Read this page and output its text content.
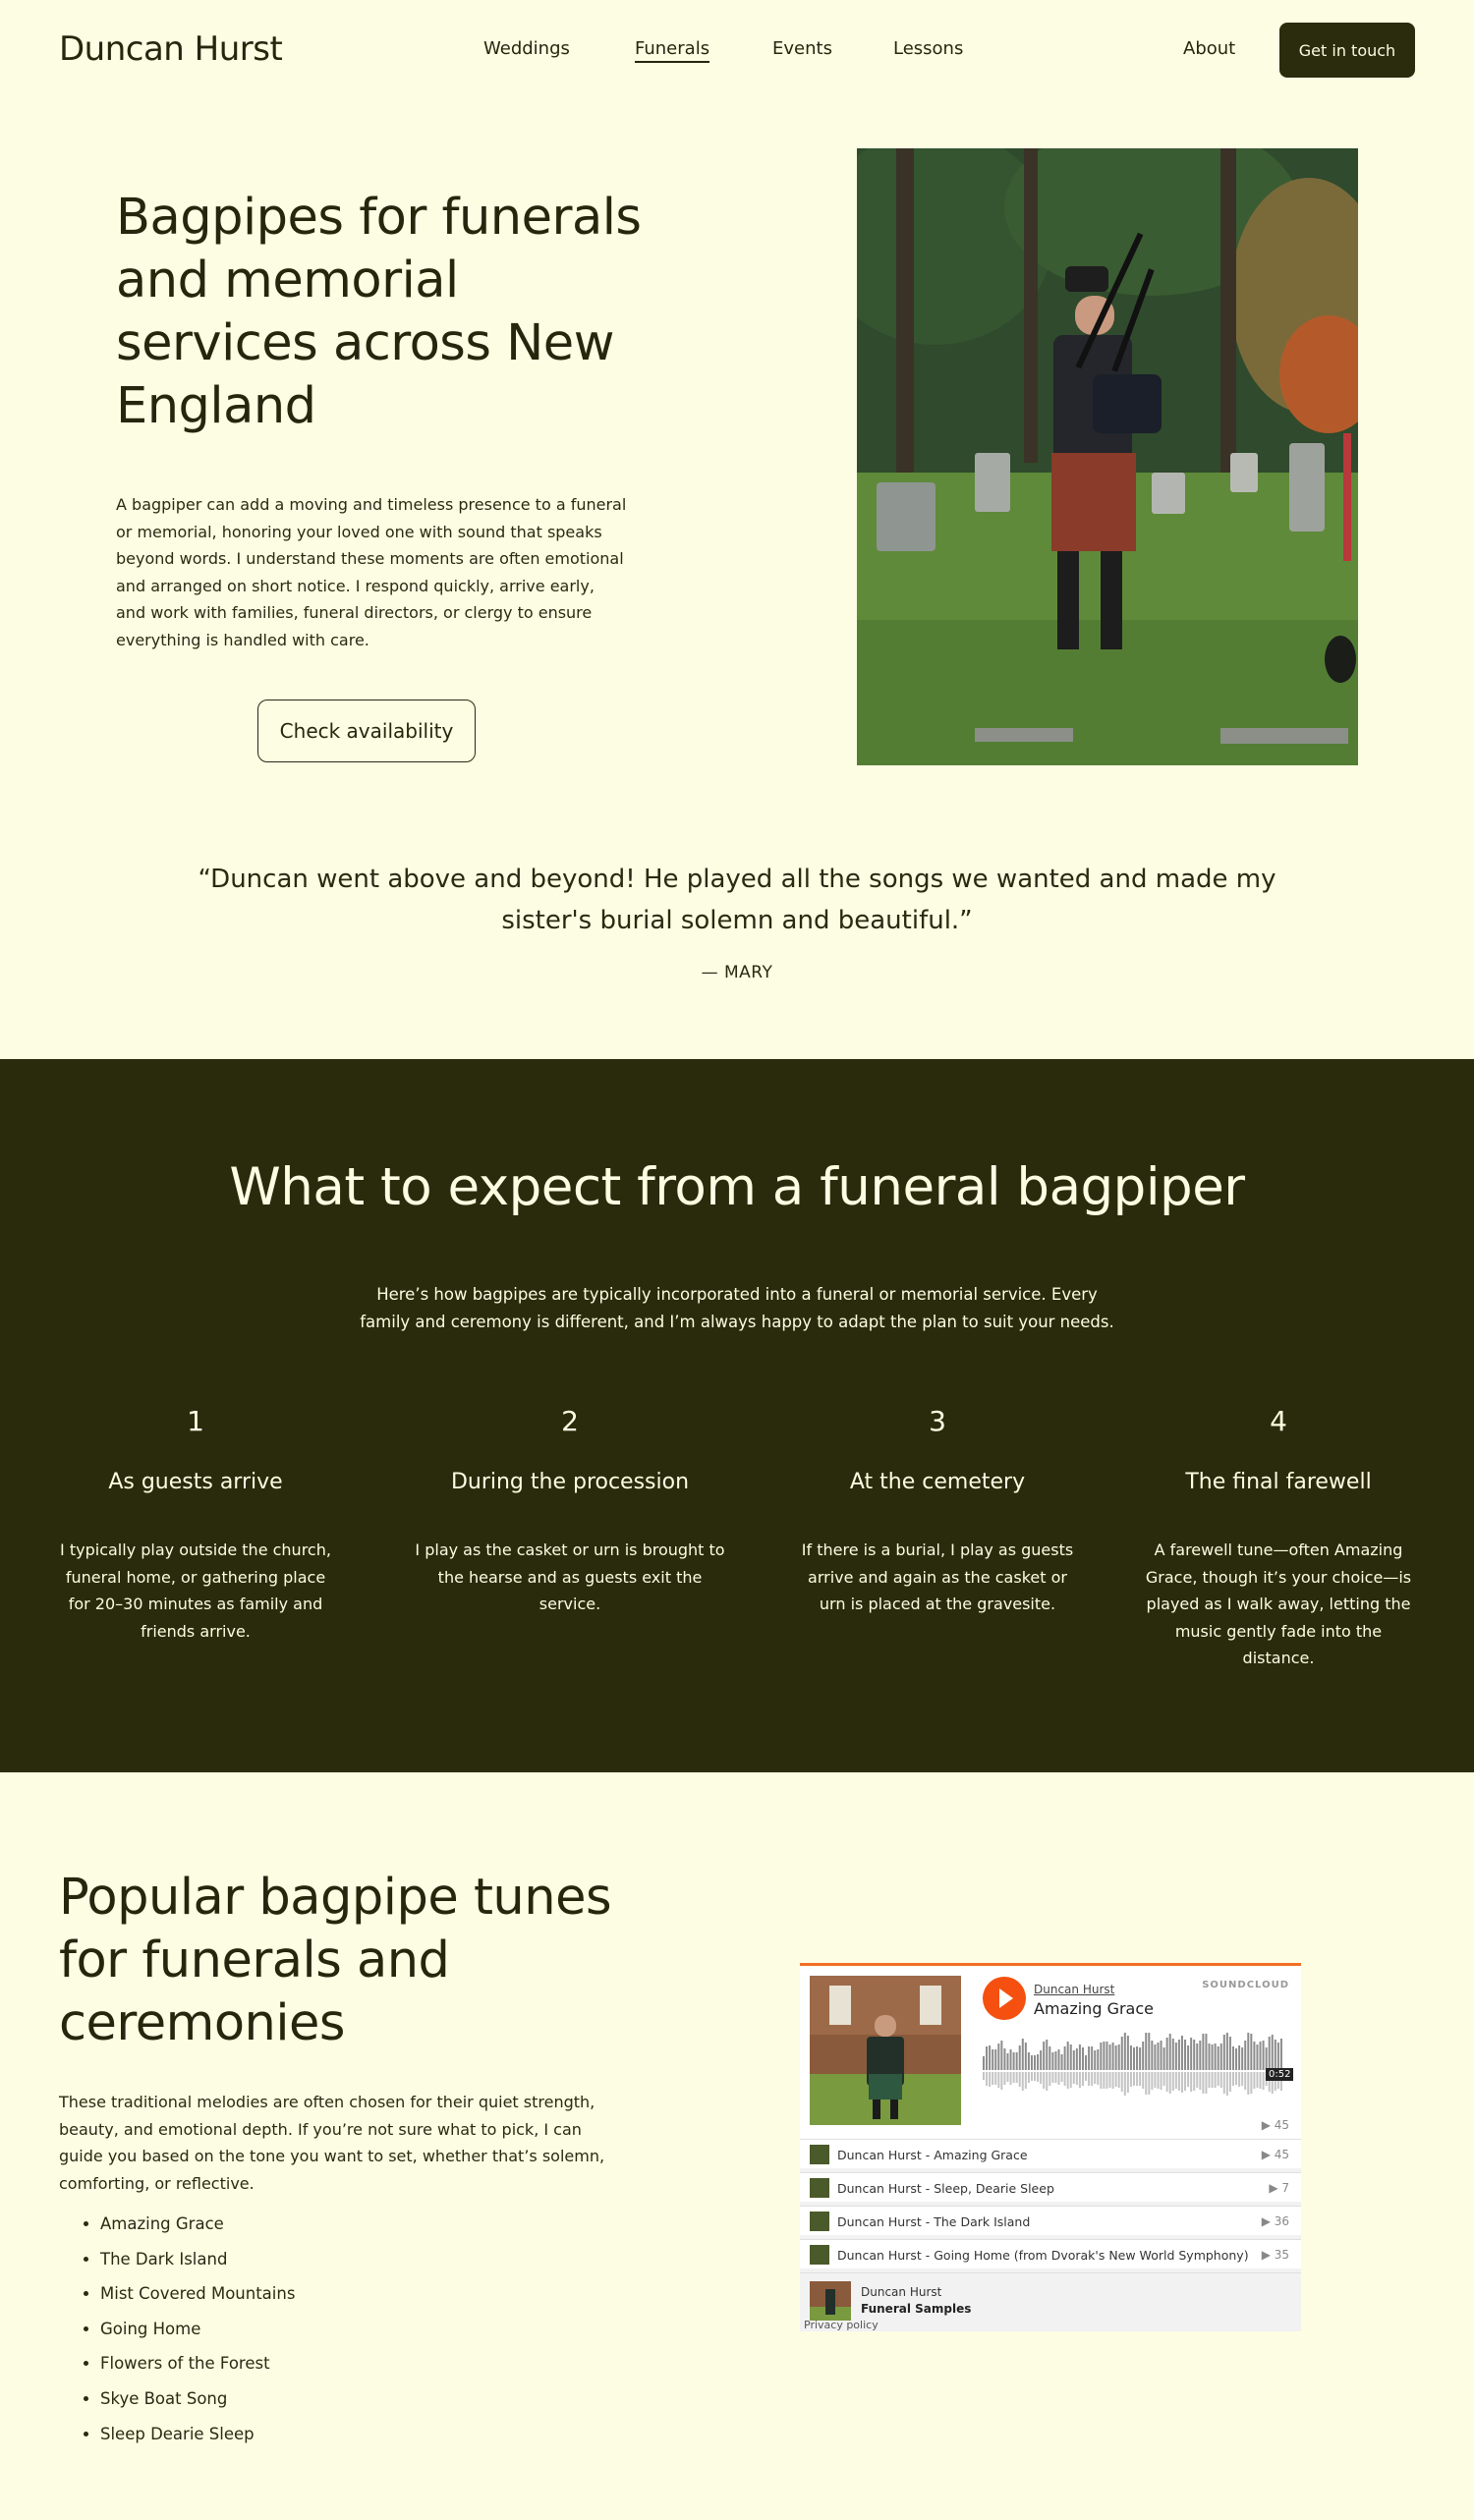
Duncan Hurst	Weddings	Funerals	Events	Lessons	About	Get in touch
Bagpipes for funerals and memorial services across New England

A bagpiper can add a moving and timeless presence to a funeral or memorial, honoring your loved one with sound that speaks beyond words. I understand these moments are often emotional and arranged on short notice. I respond quickly, arrive early, and work with families, funeral directors, or clergy to ensure everything is handled with care.

Check availability

“Duncan went above and beyond! He played all the songs we wanted and made my sister's burial solemn and beautiful.”

— MARY
What to expect from a funeral bagpiper

Here’s how bagpipes are typically incorporated into a funeral or memorial service. Every family and ceremony is different, and I’m always happy to adapt the plan to suit your needs.

1
As guests arrive
I typically play outside the church, funeral home, or gathering place for 20–30 minutes as family and friends arrive.
2
During the procession
I play as the casket or urn is brought to the hearse and as guests exit the service.
3
At the cemetery
If there is a burial, I play as guests arrive and again as the casket or urn is placed at the gravesite.
4
The final farewell
A farewell tune—often Amazing Grace, though it’s your choice—is played as I walk away, letting the music gently fade into the distance.
Popular bagpipe tunes for funerals and ceremonies

These traditional melodies are often chosen for their quiet strength, beauty, and emotional depth. If you’re not sure what to pick, I can guide you based on the tone you want to set, whether that’s solemn, comforting, or reflective.

• Amazing Grace
• The Dark Island
• Mist Covered Mountains
• Going Home
• Flowers of the Forest
• Skye Boat Song
• Sleep Dearie Sleep
Duncan Hurst
Amazing Grace
SOUNDCLOUD
0:52
▶ 45
Duncan Hurst - Amazing Grace	▶ 45
Duncan Hurst - Sleep, Dearie Sleep	▶ 7
Duncan Hurst - The Dark Island	▶ 36
Duncan Hurst - Going Home (from Dvorak's New World Symphony) ▶ 35
Duncan Hurst
Funeral Samples
Privacy policy
